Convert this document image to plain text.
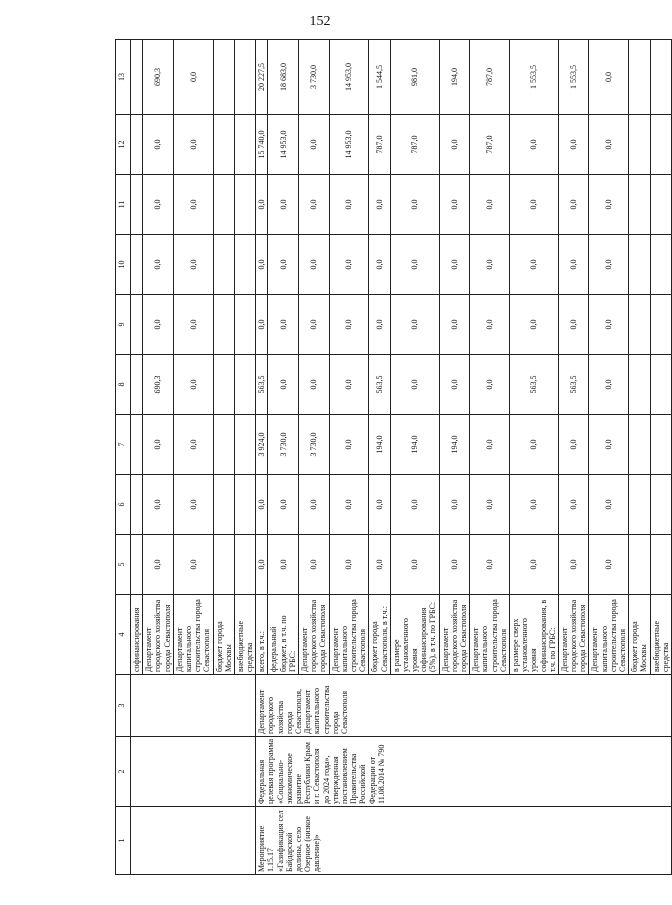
152
1	2	3	4	5	6	7	8	9	10	11	12	13
			софинансирования									
			Департамент городского хозяйства города Севастополя	0,0	0,0	0,0	690,3	0,0	0,0	0,0	0,0	690,3
			Департамент капитального строительства города Севастополя	0,0	0,0	0,0	0,0	0,0	0,0	0,0	0,0	0,0
			бюджет города Москвы									
			внебюджетные средства									
Мероприятие 1.15.17 «Газификация сел Байдарской долины, село Озерное (низкое давление)»	Федеральная целевая программа «Социально-экономическое развитие Республики Крым и г. Севастополя до 2024 года», утвержденная постановлением Правительства Российской Федерации от 11.08.2014 № 790	Департамент городского хозяйства города Севастополя, Департамент капитального строительства города Севастополя	всего, в т.ч.:	0,0	0,0	3 924,0	563,5	0,0	0,0	0,0	15 740,0	20 227,5
			федеральный бюджет, в т.ч. по ГРБС:	0,0	0,0	3 730,0	0,0	0,0	0,0	0,0	14 953,0	18 683,0
			Департамент городского хозяйства города Севастополя	0,0	0,0	3 730,0	0,0	0,0	0,0	0,0	0,0	3 730,0
			Департамент капитального строительства города Севастополя	0,0	0,0	0,0	0,0	0,0	0,0	0,0	14 953,0	14 953,0
			бюджет города Севастополя, в т.ч.:	0,0	0,0	194,0	563,5	0,0	0,0	0,0	787,0	1 544,5
			в размере установленного уровня софинансирования (5%), в т.ч. по ГРБС:	0,0	0,0	194,0	0,0	0,0	0,0	0,0	787,0	981,0
			Департамент городского хозяйства города Севастополя	0,0	0,0	194,0	0,0	0,0	0,0	0,0	0,0	194,0
			Департамент капитального строительства города Севастополя	0,0	0,0	0,0	0,0	0,0	0,0	0,0	787,0	787,0
			в размере сверх установленного уровня софинансирования, в т.ч. по ГРБС:	0,0	0,0	0,0	563,5	0,0	0,0	0,0	0,0	1 553,5
			Департамент городского хозяйства города Севастополя	0,0	0,0	0,0	563,5	0,0	0,0	0,0	0,0	1 553,5
			Департамент капитального строительства города Севастополя	0,0	0,0	0,0	0,0	0,0	0,0	0,0	0,0	0,0
			бюджет города Москвы									
			внебюджетные средства									
